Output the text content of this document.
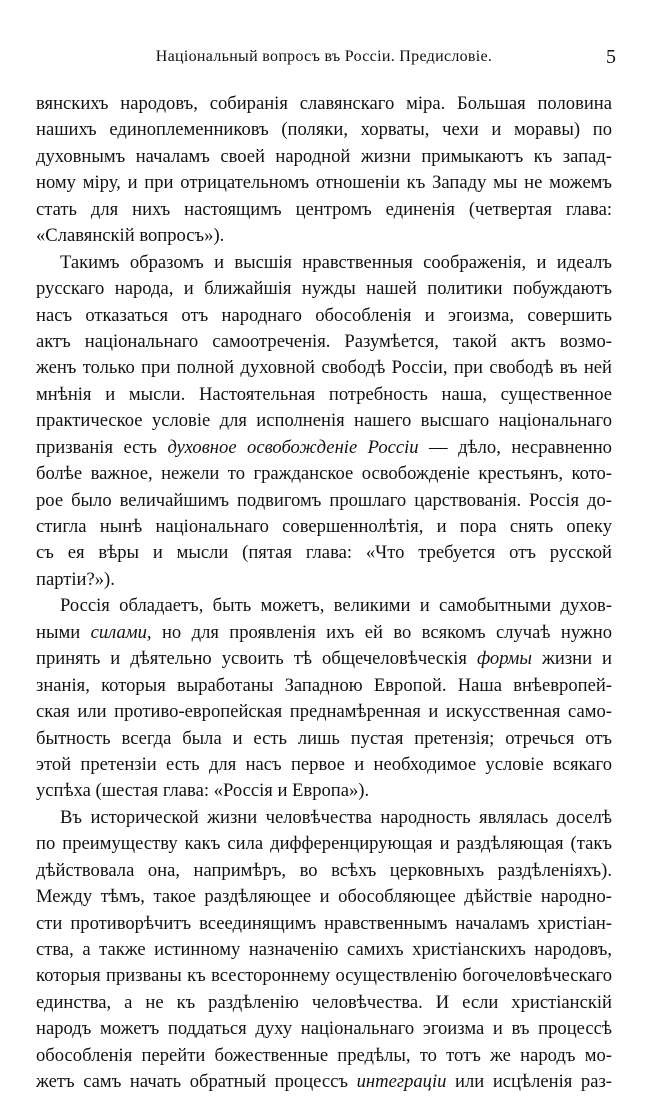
Національный вопросъ въ Россіи. Предисловіе.	5
вянскихъ народовъ, собиранія славянскаго міра. Большая половина
нашихъ единоплеменниковъ (поляки, хорваты, чехи и моравы) по
духовнымъ началамъ своей народной жизни примыкаютъ къ запад-
ному міру, и при отрицательномъ отношеніи къ Западу мы не можемъ
стать для нихъ настоящимъ центромъ единенія (четвертая глава:
«Славянскій вопросъ»).
Такимъ образомъ и высшія нравственныя соображенія, и идеалъ
русскаго народа, и ближайшія нужды нашей политики побуждаютъ
насъ отказаться отъ народнаго обособленія и эгоизма, совершить
актъ національнаго самоотреченія. Разумѣется, такой актъ возмо-
женъ только при полной духовной свободѣ Россіи, при свободѣ въ ней
мнѣнія и мысли. Настоятельная потребность наша, существенное
практическое условіе для исполненія нашего высшаго національнаго
призванія есть духовное освобожденіе Россіи — дѣло, несравненно
болѣе важное, нежели то гражданское освобожденіе крестьянъ, кото-
рое было величайшимъ подвигомъ прошлаго царствованія. Россія до-
стигла нынѣ національнаго совершеннолѣтія, и пора снять опеку
съ ея вѣры и мысли (пятая глава: «Что требуется отъ русской
партіи?»).
Россія обладаетъ, быть можетъ, великими и самобытными духов-
ными силами, но для проявленія ихъ ей во всякомъ случаѣ нужно
принять и дѣятельно усвоить тѣ общечеловѣческія формы жизни и
знанія, которыя выработаны Западною Европой. Наша внѣевропей-
ская или противо-европейская преднамѣренная и искусственная само-
бытность всегда была и есть лишь пустая претензія; отречься отъ
этой претензіи есть для насъ первое и необходимое условіе всякаго
успѣха (шестая глава: «Россія и Европа»).
Въ исторической жизни человѣчества народность являлась доселѣ
по преимуществу какъ сила дифференцирующая и раздѣляющая (такъ
дѣйствовала она, напримѣръ, во всѣхъ церковныхъ раздѣленіяхъ).
Между тѣмъ, такое раздѣляющее и обособляющее дѣйствіе народно-
сти противорѣчитъ всеединящимъ нравственнымъ началамъ христіан-
ства, а также истинному назначенію самихъ христіанскихъ народовъ,
которыя призваны къ всестороннему осуществленію богочеловѣческаго
единства, а не къ раздѣленію человѣчества. И если христіанскій
народъ можетъ поддаться духу національнаго эгоизма и въ процессѣ
обособленія перейти божественные предѣлы, то тотъ же народъ мо-
жетъ самъ начать обратный процессъ интеграціи или исцѣленія раз-
